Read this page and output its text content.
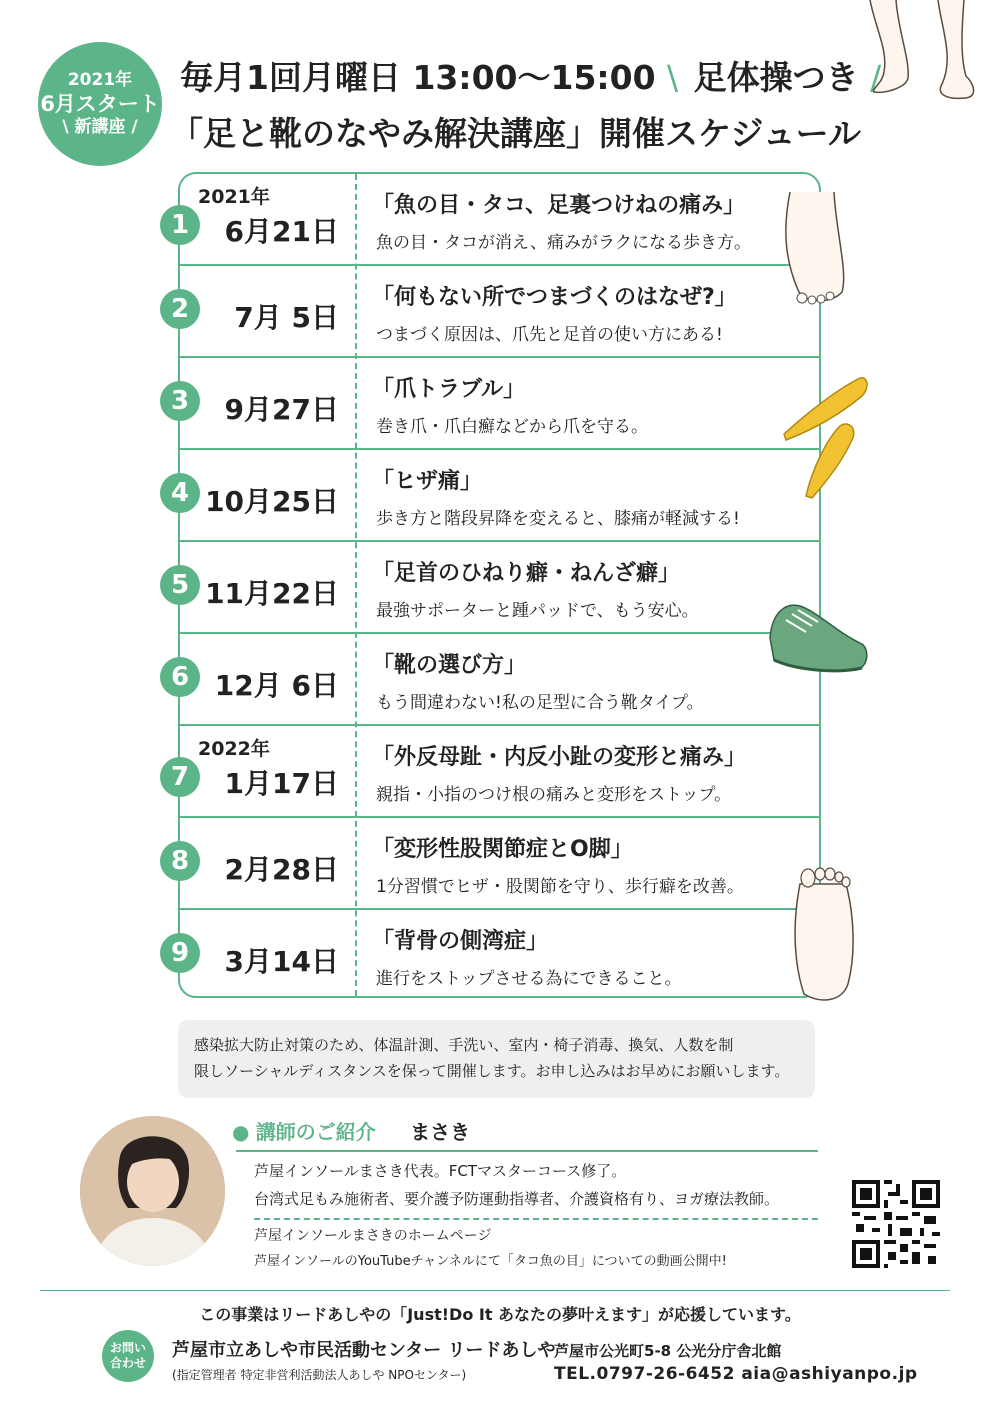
2021年
6月スタート
\ 新講座 /
毎月1回月曜日 13:00〜15:00 \ 足体操つき /
「足と靴のなやみ解決講座」開催スケジュール
1
2021年
6月21日
「魚の目・タコ、足裏つけねの痛み」
魚の目・タコが消え、痛みがラクになる歩き方。
2	7月 5日
「何もない所でつまづくのはなぜ?」
つまづく原因は、爪先と足首の使い方にある!
3	9月27日
「爪トラブル」
巻き爪・爪白癬などから爪を守る。
4 10月25日
「ヒザ痛」
歩き方と階段昇降を変えると、膝痛が軽減する!
5 11月22日
「足首のひねり癖・ねんざ癖」
最強サポーターと踵パッドで、もう安心。
6 12月 6日
「靴の選び方」
もう間違わない!私の足型に合う靴タイプ。
7
2022年
1月17日
「外反母趾・内反小趾の変形と痛み」
親指・小指のつけ根の痛みと変形をストップ。
8	2月28日
「変形性股関節症とO脚」
1分習慣でヒザ・股関節を守り、歩行癖を改善。
9	3月14日
「背骨の側湾症」
進行をストップさせる為にできること。
感染拡大防止対策のため、体温計測、手洗い、室内・椅子消毒、換気、人数を制
限しソーシャルディスタンスを保って開催します。お申し込みはお早めにお願いします。
● 講師のご紹介 まさき
芦屋インソールまさき代表。FCTマスターコース修了。
台湾式足もみ施術者、要介護予防運動指導者、介護資格有り、ヨガ療法教師。
芦屋インソールまさきのホームページ
芦屋インソールのYouTubeチャンネルにて「タコ魚の目」についての動画公開中!
この事業はリードあしやの「Just!Do It あなたの夢叶えます」が応援しています。
お問い
合わせ
芦屋市立あしや市民活動センター リードあしや
(指定管理者 特定非営利活動法人あしや NPOセンター)
芦屋市公光町5-8 公光分庁舎北館
TEL.0797-26-6452 aia@ashiyanpo.jp
